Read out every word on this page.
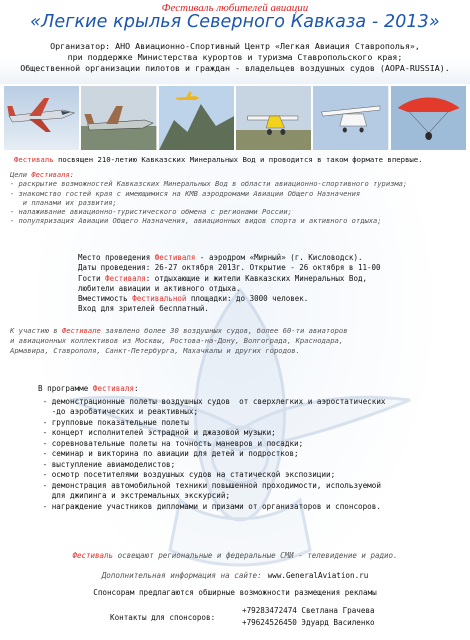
Фестиваль любителей авиации
«Легкие крылья Северного Кавказа - 2013»
Организатор: АНО Авиационно-Спортивный Центр «Легкая Авиация Ставрополья»,
при поддержке Министерства курортов и туризма Ставропольского края;
Общественной организации пилотов и граждан - владельцев воздушных судов (AOPA-RUSSIA).
Фестиваль посвящен 210-летию Кавказских Минеральных Вод и проводится в таком формате впервые.
Цели Фестиваля:
- раскрытие возможностей Кавказских Минеральных Вод в области авиационно-спортивного туризма;
- знакомство гостей края с имеющимися на КМВ аэродромами Авиации Общего Назначения
и планами их развития;
- налаживание авиационно-туристического обмена с регионами России;
- популяризация Авиации Общего Назначения, авиационных видов спорта и активного отдыха;
Место проведения Фестиваля - аэродром «Мирный» (г. Кисловодск).
Даты проведения: 26-27 октября 2013г. Открытие - 26 октября в 11-00
Гости Фестиваля: отдыхающие и жители Кавказских Минеральных Вод,
любители авиации и активного отдыха.
Вместимость Фестивальной площадки: до 3000 человек.
Вход для зрителей бесплатный.
К участию в Фестивале заявлено более 30 воздушных судов, более 60-ти авиаторов
и авиационных коллективов из Москвы, Ростова-на-Дону, Волгограда, Краснодара,
Армавира, Ставрополя, Санкт-Петербурга, Махачкалы и других городов.
В программе Фестиваля:
- демонстрационные полеты воздушных судов  от сверхлегких и аэростатических
-до аэробатических и реактивных;
- групповые показательные полеты
- концерт исполнителей эстрадной и джазовой музыки;
- соревновательные полеты на точность маневров и посадки;
- семинар и викторина по авиации для детей и подростков;
- выступление авиамоделистов;
- осмотр посетителями воздушных судов на статической экспозиции;
- демонстрация автомобильной техники повышенной проходимости, используемой
для джипинга и экстремальных экскурсий;
- награждение участников дипломами и призами от организаторов и спонсоров.
Фестиваль освещают региональные и федеральные СМИ - телевидение и радио.
Дополнительная информация на сайте: www.GeneralAviation.ru
Спонсорам предлагаются обширные возможности размещения рекламы
Контакты для спонсоров:
+79283472474 Светлана Грачева
+79624526450 Эдуард Василенко
